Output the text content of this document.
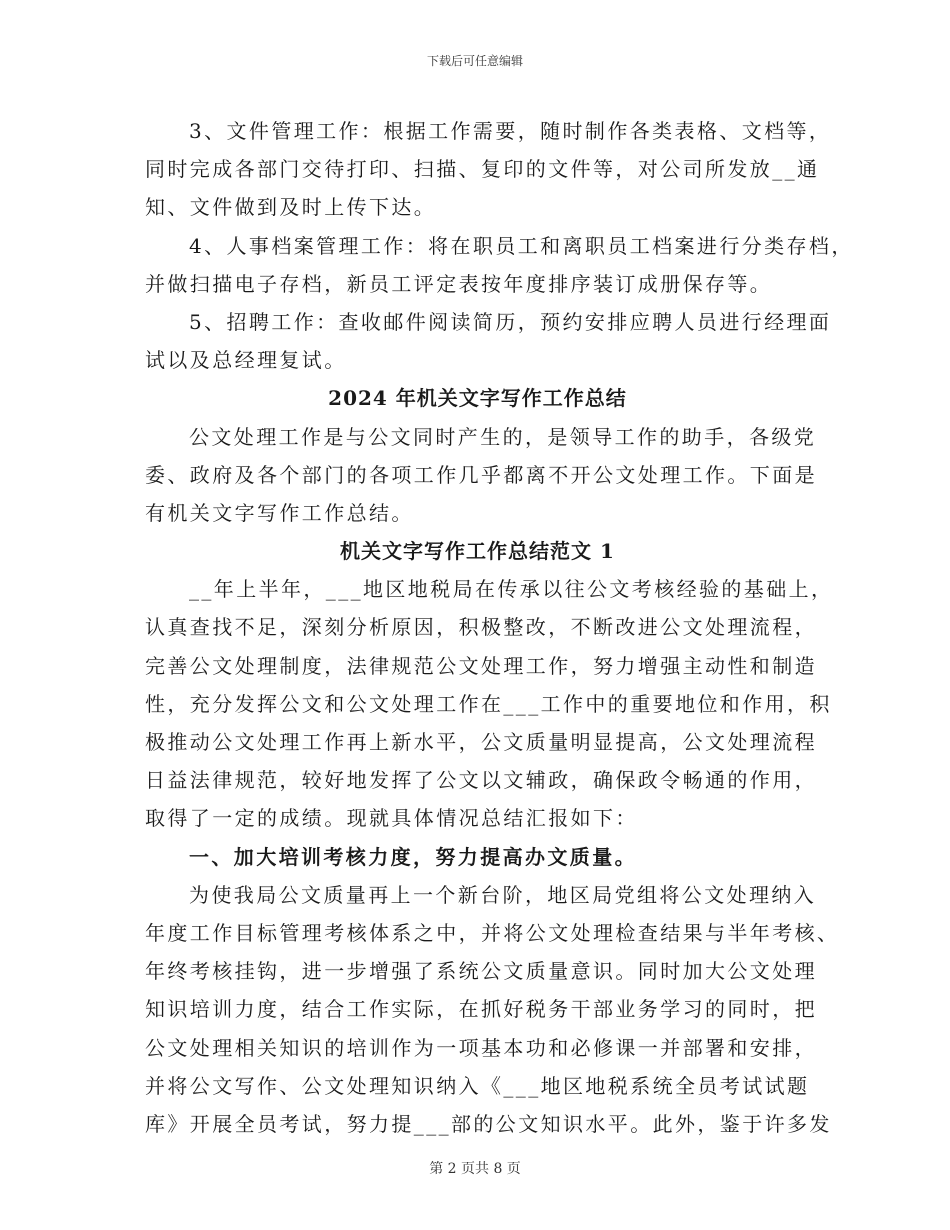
下载后可任意编辑
3、文件管理工作：根据工作需要，随时制作各类表格、文档等，
同时完成各部门交待打印、扫描、复印的文件等，对公司所发放__通
知、文件做到及时上传下达。
4、人事档案管理工作：将在职员工和离职员工档案进行分类存档，
并做扫描电子存档，新员工评定表按年度排序装订成册保存等。
5、招聘工作：查收邮件阅读简历，预约安排应聘人员进行经理面
试以及总经理复试。
2024 年机关文字写作工作总结
公文处理工作是与公文同时产生的，是领导工作的助手，各级党
委、政府及各个部门的各项工作几乎都离不开公文处理工作。下面是
有机关文字写作工作总结。
机关文字写作工作总结范文 1
__年上半年，___地区地税局在传承以往公文考核经验的基础上，
认真查找不足，深刻分析原因，积极整改，不断改进公文处理流程，
完善公文处理制度，法律规范公文处理工作，努力增强主动性和制造
性，充分发挥公文和公文处理工作在___工作中的重要地位和作用，积
极推动公文处理工作再上新水平，公文质量明显提高，公文处理流程
日益法律规范，较好地发挥了公文以文辅政，确保政令畅通的作用，
取得了一定的成绩。现就具体情况总结汇报如下：
一、加大培训考核力度，努力提高办文质量。
为使我局公文质量再上一个新台阶，地区局党组将公文处理纳入
年度工作目标管理考核体系之中，并将公文处理检查结果与半年考核、
年终考核挂钩，进一步增强了系统公文质量意识。同时加大公文处理
知识培训力度，结合工作实际，在抓好税务干部业务学习的同时，把
公文处理相关知识的培训作为一项基本功和必修课一并部署和安排，
并将公文写作、公文处理知识纳入《___地区地税系统全员考试试题
库》开展全员考试，努力提___部的公文知识水平。此外，鉴于许多发
第 2 页共 8 页
